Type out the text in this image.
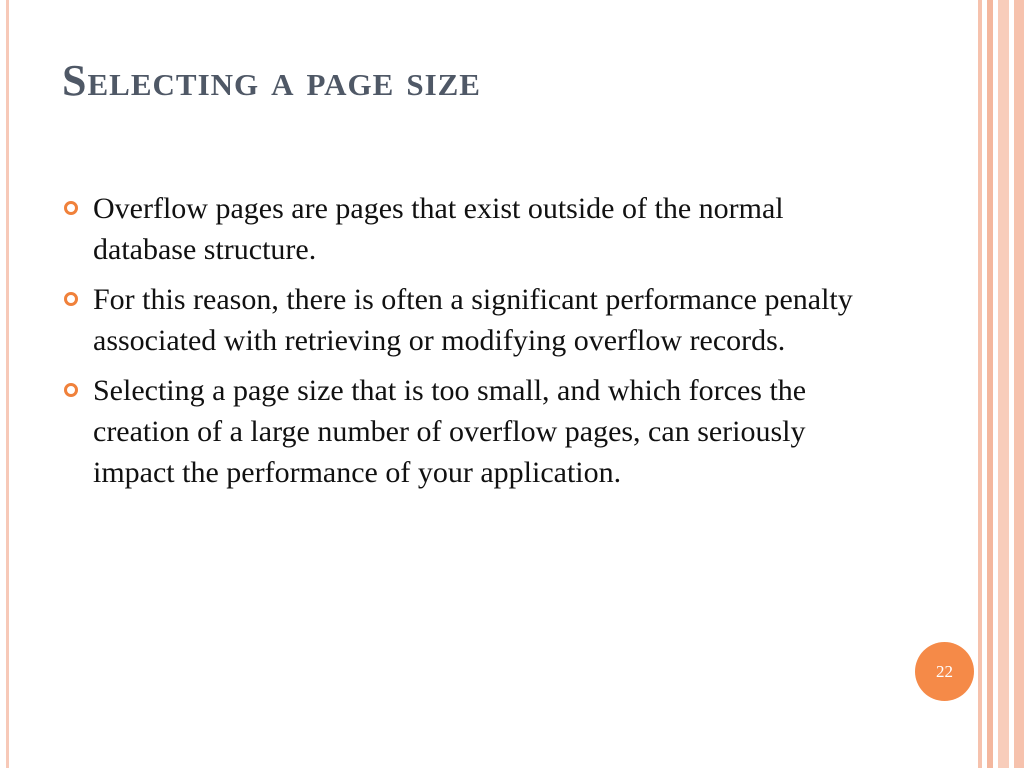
Selecting a page size
Overflow pages are pages that exist outside of the normal database structure.
For this reason, there is often a significant performance penalty associated with retrieving or modifying overflow records.
Selecting a page size that is too small, and which forces the creation of a large number of overflow pages, can seriously impact the performance of your application.
22
